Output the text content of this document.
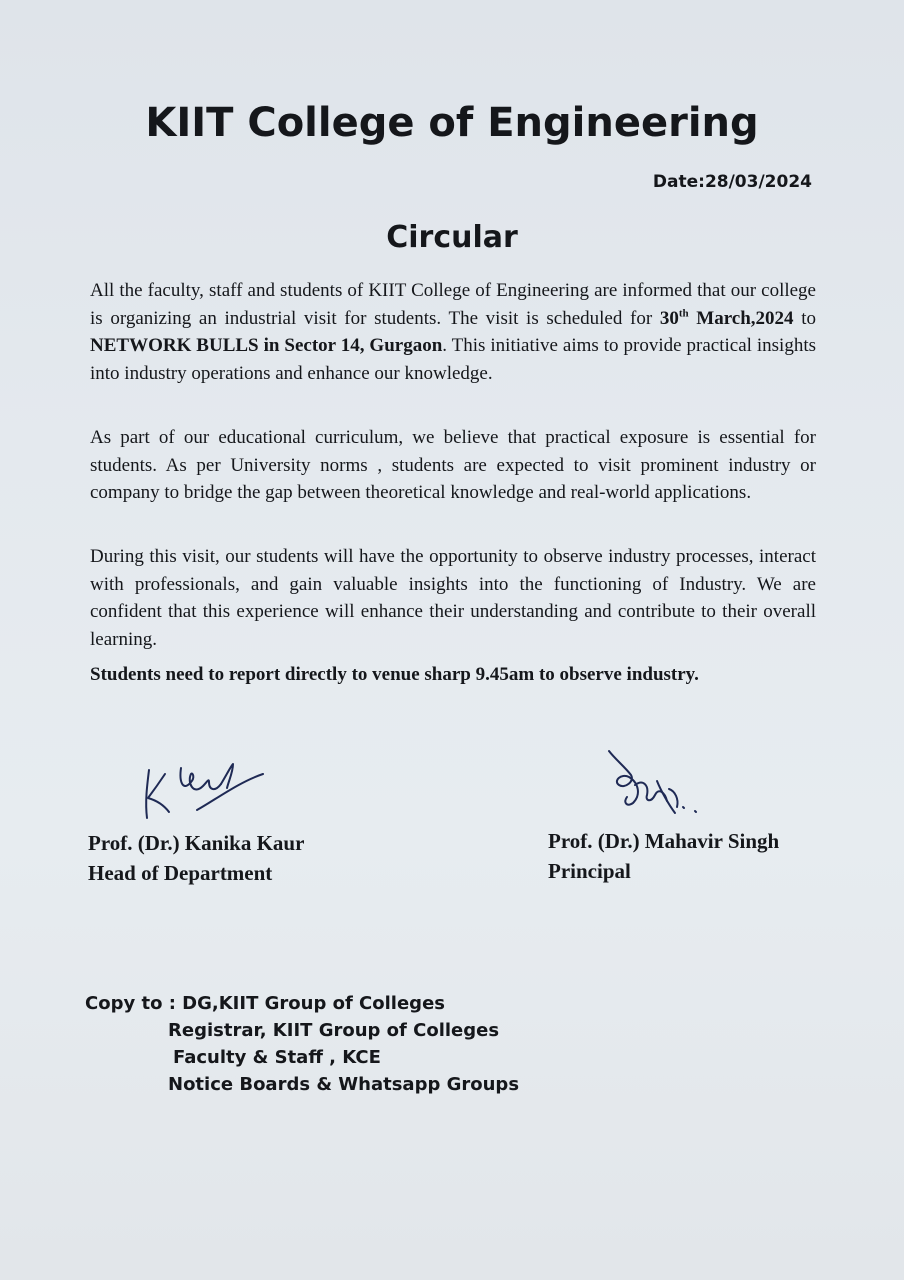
KIIT College of Engineering
Date:28/03/2024
Circular

All the faculty, staff and students of KIIT College of Engineering are informed that our college is organizing an industrial visit for students. The visit is scheduled for 30th March,2024 to NETWORK BULLS in Sector 14, Gurgaon. This initiative aims to provide practical insights into industry operations and enhance our knowledge.

As part of our educational curriculum, we believe that practical exposure is essential for students. As per University norms , students are expected to visit prominent industry or company to bridge the gap between theoretical knowledge and real-world applications.

During this visit, our students will have the opportunity to observe industry processes, interact with professionals, and gain valuable insights into the functioning of Industry. We are confident that this experience will enhance their understanding and contribute to their overall learning.

Students need to report directly to venue sharp 9.45am to observe industry.
Prof. (Dr.) Kanika Kaur
Head of Department
Prof. (Dr.) Mahavir Singh
Principal
Copy to : DG,KIIT Group of Colleges
Registrar, KIIT Group of Colleges
Faculty & Staff , KCE
Notice Boards & Whatsapp Groups
